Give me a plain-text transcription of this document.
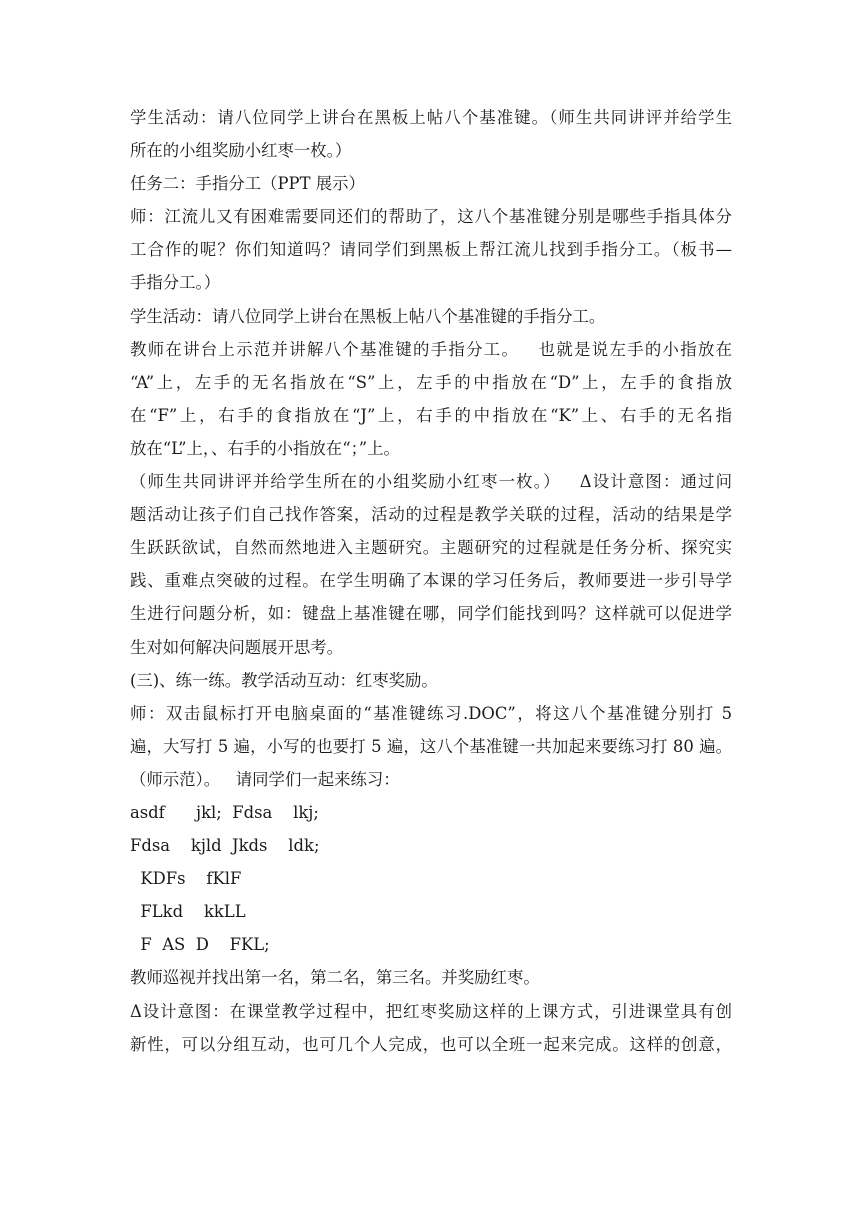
学生活动：请八位同学上讲台在黑板上帖八个基准键。（师生共同讲评并给学生
所在的小组奖励小红枣一枚。）
任务二：手指分工（PPT 展示）
师：江流儿又有困难需要同还们的帮助了，这八个基准键分别是哪些手指具体分
工合作的呢？你们知道吗？请同学们到黑板上帮江流儿找到手指分工。（板书—
手指分工。）
学生活动：请八位同学上讲台在黑板上帖八个基准键的手指分工。
教师在讲台上示范并讲解八个基准键的手指分工。   也就是说左手的小指放在
“A”上，左手的无名指放在“S”上，左手的中指放在“D”上，左手的食指放
在“F”上，右手的食指放在“J”上，右手的中指放在“K”上、右手的无名指
放在“L”上，、右手的小指放在“；”上。
（师生共同讲评并给学生所在的小组奖励小红枣一枚。）   Δ设计意图：通过问
题活动让孩子们自己找作答案，活动的过程是教学关联的过程，活动的结果是学
生跃跃欲试，自然而然地进入主题研究。主题研究的过程就是任务分析、探究实
践、重难点突破的过程。在学生明确了本课的学习任务后，教师要进一步引导学
生进行问题分析，如：键盘上基准键在哪，同学们能找到吗？这样就可以促进学
生对如何解决问题展开思考。
(三)、练一练。教学活动互动：红枣奖励。
师：双击鼠标打开电脑桌面的“基准键练习.DOC”，将这八个基准键分别打 5
遍，大写打 5 遍，小写的也要打 5 遍，这八个基准键一共加起来要练习打 80 遍。
（师示范）。   请同学们一起来练习：
asdf      jkl;  Fdsa    lkj;
Fdsa    kjld  Jkds    ldk;
KDFs    fKlF
FLkd    kkLL
F  AS  D    FKL;
教师巡视并找出第一名，第二名，第三名。并奖励红枣。
Δ设计意图：在课堂教学过程中，把红枣奖励这样的上课方式，引进课堂具有创
新性，可以分组互动，也可几个人完成，也可以全班一起来完成。这样的创意，
